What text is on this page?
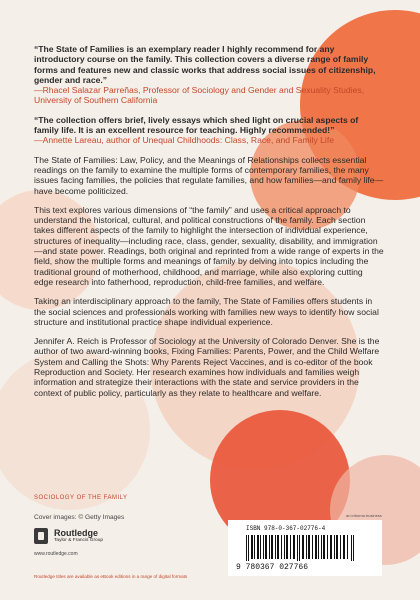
“The State of Families is an exemplary reader I highly recommend for any introductory course on the family. This collection covers a diverse range of family forms and features new and classic works that address social issues of citizenship, gender and race.”
—Rhacel Salazar Parreñas, Professor of Sociology and Gender and Sexuality Studies, University of Southern California

“The collection offers brief, lively essays which shed light on crucial aspects of family life. It is an excellent resource for teaching. Highly recommended!”
—Annette Lareau, author of Unequal Childhoods: Class, Race, and Family Life

The State of Families: Law, Policy, and the Meanings of Relationships collects essential readings on the family to examine the multiple forms of contemporary families, the many issues facing families, the policies that regulate families, and how families—and family life—have become politicized.

This text explores various dimensions of “the family” and uses a critical approach to understand the historical, cultural, and political constructions of the family. Each section takes different aspects of the family to highlight the intersection of individual experience, structures of inequality—including race, class, gender, sexuality, disability, and immigration—and state power. Readings, both original and reprinted from a wide range of experts in the field, show the multiple forms and meanings of family by delving into topics including the traditional ground of motherhood, childhood, and marriage, while also exploring cutting edge research into fatherhood, reproduction, child-free families, and welfare.

Taking an interdisciplinary approach to the family, The State of Families offers students in the social sciences and professionals working with families new ways to identify how social structure and institutional practice shape individual experience.

Jennifer A. Reich is Professor of Sociology at the University of Colorado Denver. She is the author of two award-winning books, Fixing Families: Parents, Power, and the Child Welfare System and Calling the Shots: Why Parents Reject Vaccines, and is co-editor of the book Reproduction and Society. Her research examines how individuals and families weigh information and strategize their interactions with the state and service providers in the context of public policy, particularly as they relate to healthcare and welfare.

SOCIOLOGY OF THE FAMILY
Cover images: © Getty Images
Routledge
Taylor & Francis Group
www.routledge.com
Routledge titles are available as eBook editions in a range of digital formats
an informa business
ISBN 978-0-367-02776-4
9 780367 027766
